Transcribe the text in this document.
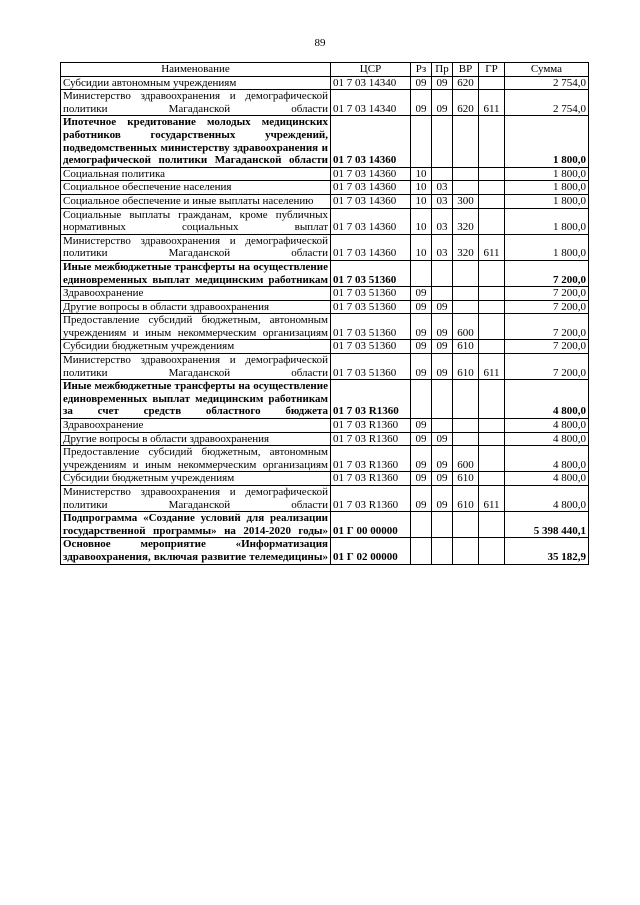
89
Наименование	ЦСР	Рз	Пр	ВР	ГР	Сумма
Субсидии автономным учреждениям	01 7 03 14340	09	09	620		2 754,0
Министерство здравоохранения и демографической политики Магаданской области	01 7 03 14340	09	09	620	611	2 754,0
Ипотечное кредитование молодых медицинских работников государственных учреждений, подведомственных министерству здравоохранения и демографической политики Магаданской области	01 7 03 14360					1 800,0
Социальная политика	01 7 03 14360	10				1 800,0
Социальное обеспечение населения	01 7 03 14360	10	03			1 800,0
Социальное обеспечение и иные выплаты населению	01 7 03 14360	10	03	300		1 800,0
Социальные выплаты гражданам, кроме публичных нормативных социальных выплат	01 7 03 14360	10	03	320		1 800,0
Министерство здравоохранения и демографической политики Магаданской области	01 7 03 14360	10	03	320	611	1 800,0
Иные межбюджетные трансферты на осуществление единовременных выплат медицинским работникам	01 7 03 51360					7 200,0
Здравоохранение	01 7 03 51360	09				7 200,0
Другие вопросы в области здравоохранения	01 7 03 51360	09	09			7 200,0
Предоставление субсидий бюджетным, автономным учреждениям и иным некоммерческим организациям	01 7 03 51360	09	09	600		7 200,0
Субсидии бюджетным учреждениям	01 7 03 51360	09	09	610		7 200,0
Министерство здравоохранения и демографической политики Магаданской области	01 7 03 51360	09	09	610	611	7 200,0
Иные межбюджетные трансферты на осуществление единовременных выплат медицинским работникам за счет средств областного бюджета	01 7 03 R1360					4 800,0
Здравоохранение	01 7 03 R1360	09				4 800,0
Другие вопросы в области здравоохранения	01 7 03 R1360	09	09			4 800,0
Предоставление субсидий бюджетным, автономным учреждениям и иным некоммерческим организациям	01 7 03 R1360	09	09	600		4 800,0
Субсидии бюджетным учреждениям	01 7 03 R1360	09	09	610		4 800,0
Министерство здравоохранения и демографической политики Магаданской области	01 7 03 R1360	09	09	610	611	4 800,0
Подпрограмма «Создание условий для реализации государственной программы» на 2014-2020 годы»	01 Г 00 00000					5 398 440,1
Основное мероприятие «Информатизация здравоохранения, включая развитие телемедицины»	01 Г 02 00000					35 182,9
